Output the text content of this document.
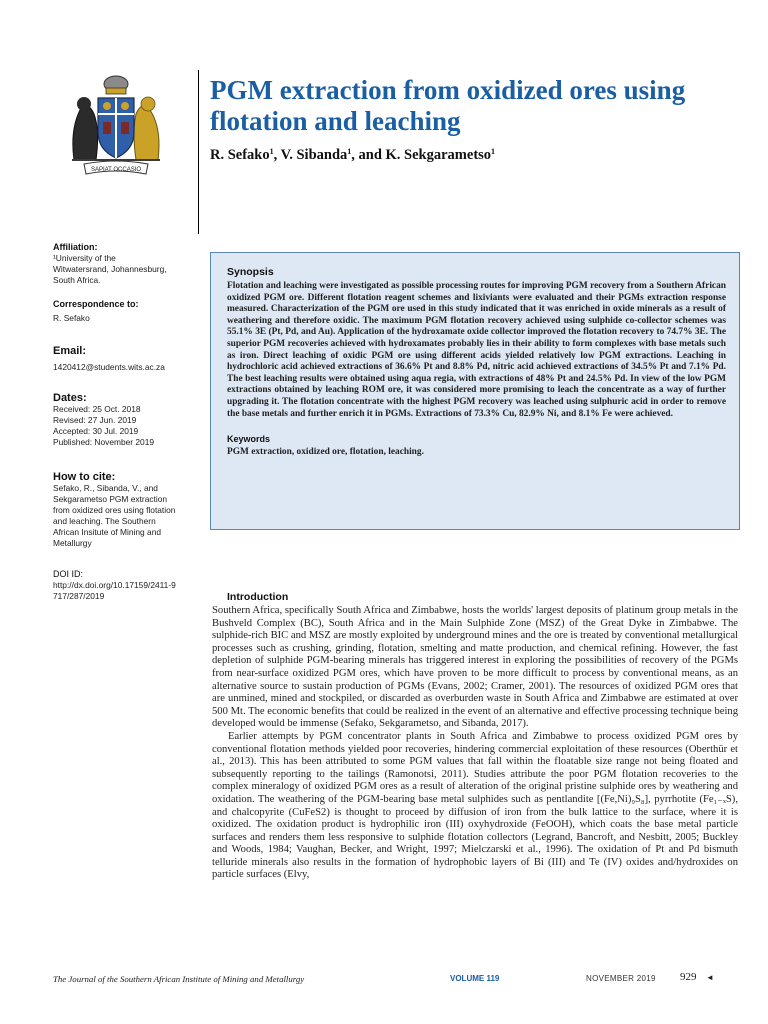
SAPIAT OCCASIO
PGM extraction from oxidized ores using flotation and leaching
R. Sefako$^1$, V. Sibanda$^1$, and K. Sekgarametso$^1$

Affiliation:

¹University of the Witwatersrand, Johannesburg, South Africa.

Correspondence to:

R. Sefako

Email:

1420412@students.wits.ac.za

Dates:

Received: 25 Oct. 2018

Revised: 27 Jun. 2019

Accepted: 30 Jul. 2019

Published: November 2019

How to cite:

Sefako, R., Sibanda, V., and Sekgarametso PGM extraction from oxidized ores using flotation and leaching. The Southern African Insitute of Mining and Metallurgy

DOI ID:

http://dx.doi.org/10.17159/2411-9717/287/2019

Synopsis

Flotation and leaching were investigated as possible processing routes for improving PGM recovery from a Southern African oxidized PGM ore. Different flotation reagent schemes and lixiviants were evaluated and their PGMs extraction response measured. Characterization of the PGM ore used in this study indicated that it was enriched in oxide minerals as a result of weathering and therefore oxidic. The maximum PGM flotation recovery achieved using sulphide co-collector schemes was 55.1% 3E (Pt, Pd, and Au). Application of the hydroxamate oxide collector improved the flotation recovery to 74.7% 3E. The superior PGM recoveries achieved with hydroxamates probably lies in their ability to form complexes with base metals such as iron. Direct leaching of oxidic PGM ore using different acids yielded relatively low PGM extractions. Leaching in hydrochloric acid achieved extractions of 36.6% Pt and 8.8% Pd, nitric acid achieved extractions of 34.5% Pt and 7.1% Pd. The best leaching results were obtained using aqua regia, with extractions of 48% Pt and 24.5% Pd. In view of the low PGM extractions obtained by leaching ROM ore, it was considered more promising to leach the concentrate as a way of further upgrading it. The flotation concentrate with the highest PGM recovery was leached using sulphuric acid in order to remove the base metals and further enrich it in PGMs. Extractions of 73.3% Cu, 82.9% Ni, and 8.1% Fe were achieved.

Keywords

PGM extraction, oxidized ore, flotation, leaching.

Introduction

Southern Africa, specifically South Africa and Zimbabwe, hosts the worlds' largest deposits of platinum group metals in the Bushveld Complex (BC), South Africa and in the Main Sulphide Zone (MSZ) of the Great Dyke in Zimbabwe. The sulphide-rich BIC and MSZ are mostly exploited by underground mines and the ore is treated by conventional metallurgical processes such as crushing, grinding, flotation, smelting and matte production, and chemical refining. However, the fast depletion of sulphide PGM-bearing minerals has triggered interest in exploring the possibilities of recovery of the PGMs from near-surface oxidized PGM ores, which have proven to be more difficult to process by conventional means, as an alternative source to sustain production of PGMs (Evans, 2002; Cramer, 2001). The resources of oxidized PGM ores that are unmined, mined and stockpiled, or discarded as overburden waste in South Africa and Zimbabwe are estimated at over 500 Mt. The economic benefits that could be realized in the event of an alternative and effective processing technique being developed would be immense (Sefako, Sekgarametso, and Sibanda, 2017).

Earlier attempts by PGM concentrator plants in South Africa and Zimbabwe to process oxidized PGM ores by conventional flotation methods yielded poor recoveries, hindering commercial exploitation of these resources (Oberthür et al., 2013). This has been attributed to some PGM values that fall within the floatable size range not being floated and subsequently reporting to the tailings (Ramonotsi, 2011). Studies attribute the poor PGM flotation recoveries to the complex mineralogy of oxidized PGM ores as a result of alteration of the original pristine sulphide ores by weathering and oxidation. The weathering of the PGM-bearing base metal sulphides such as pentlandite [(Fe,Ni)₉S₈], pyrrhotite (Fe₁₋ₓS), and chalcopyrite (CuFeS2) is thought to proceed by diffusion of iron from the bulk lattice to the surface, where it is oxidized. The oxidation product is hydrophilic iron (III) oxyhydroxide (FeOOH), which coats the base metal particle surfaces and renders them less responsive to sulphide flotation collectors (Legrand, Bancroft, and Nesbitt, 2005; Buckley and Woods, 1984; Vaughan, Becker, and Wright, 1997; Mielczarski et al., 1996). The oxidation of Pt and Pd bismuth telluride minerals also results in the formation of hydrophobic layers of Bi (III) and Te (IV) oxides and/hydroxides on particle surfaces (Elvy,

The Journal of the Southern African Institute of Mining and Metallurgy	VOLUME 119	NOVEMBER 2019 929 ◄
